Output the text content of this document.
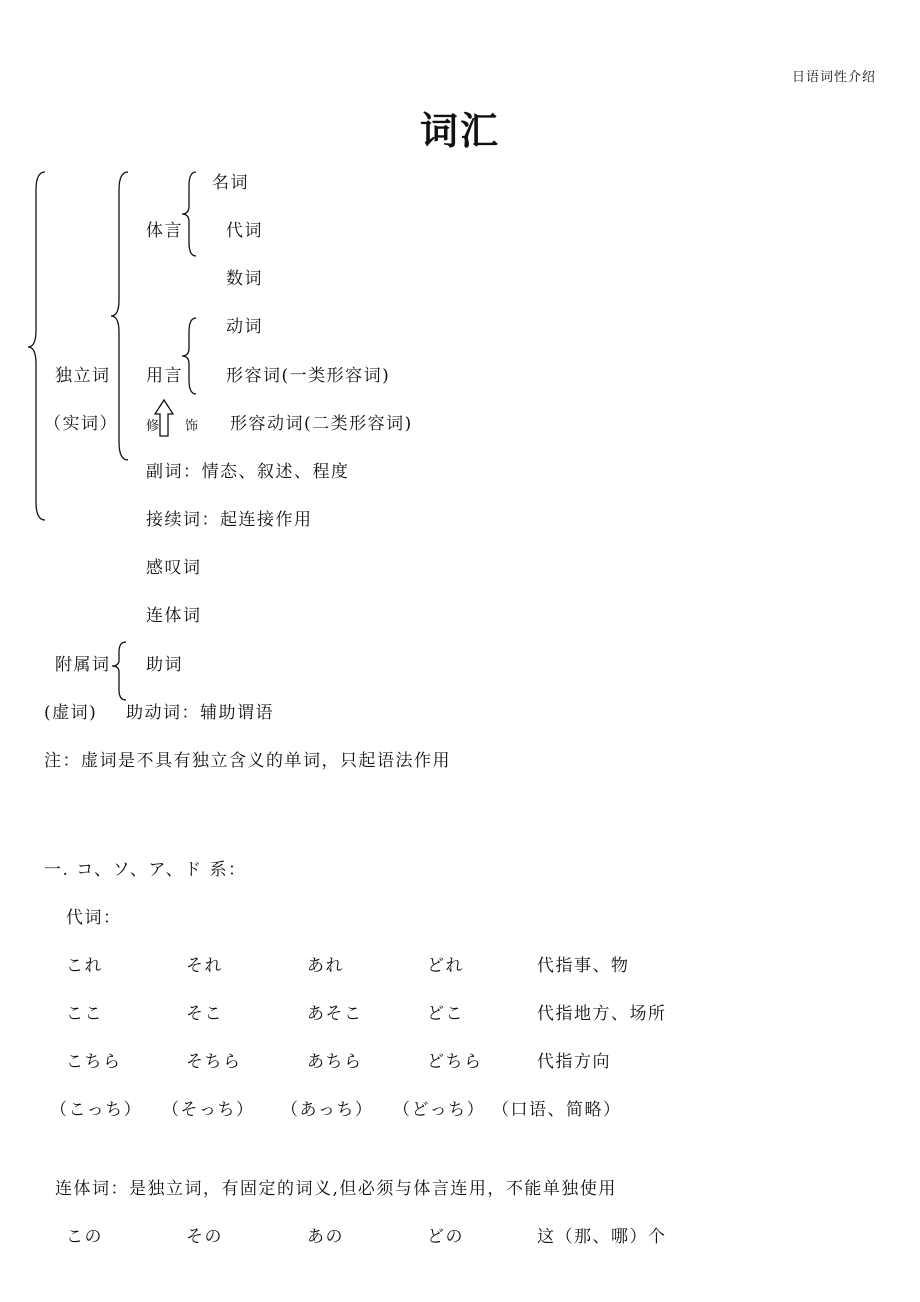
日语词性介绍
词汇
名词
体言	代词
数词
动词
独立词 用言	形容词(一类形容词)
（实词） 修 饰 形容动词(二类形容词)
副词：情态、叙述、程度
接续词：起连接作用
感叹词
连体词
附属词 助词
(虚词) 助动词：辅助谓语
注：虚词是不具有独立含义的单词，只起语法作用
一. コ、ソ、ア、ド 系：
代词：
これ	それ	あれ	どれ	代指事、物
ここ	そこ	あそこ	どこ	代指地方、场所
こちら	そちら	あちら	どちら	代指方向
（こっち） （そっち） （あっち） （どっち） （口语、简略）
连体词：是独立词，有固定的词义,但必须与体言连用，不能单独使用
この	その	あの	どの	这（那、哪）个
